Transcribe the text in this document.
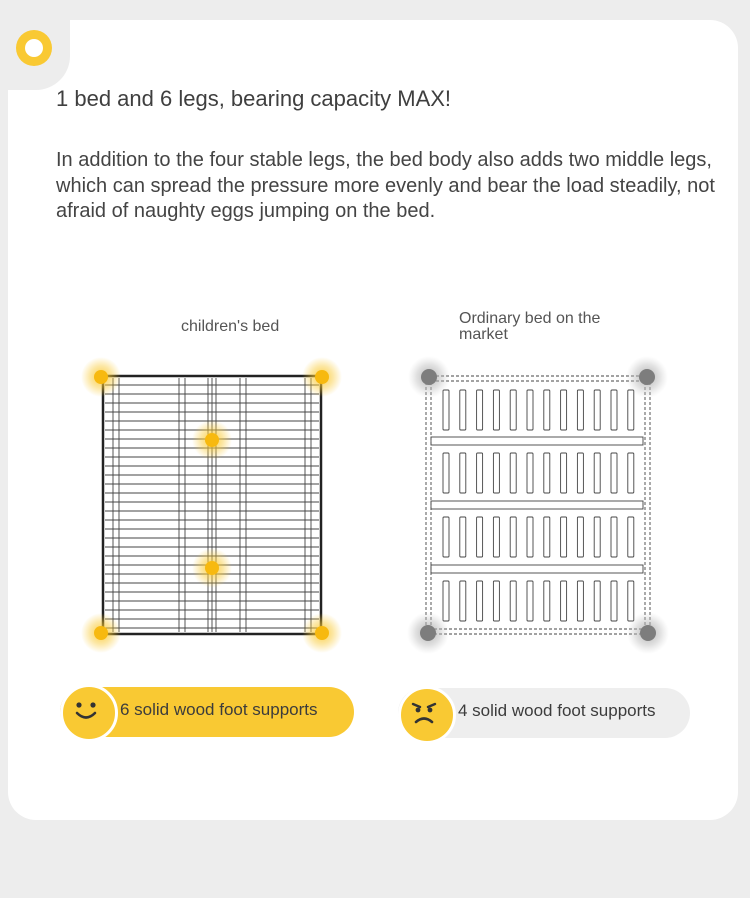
1 bed and 6 legs, bearing capacity MAX!
In addition to the four stable legs, the bed body also adds two middle legs, which can spread the pressure more evenly and bear the load steadily, not afraid of naughty eggs jumping on the bed.
children's bed	Ordinary bed on the market
6 solid wood foot supports	4 solid wood foot supports
